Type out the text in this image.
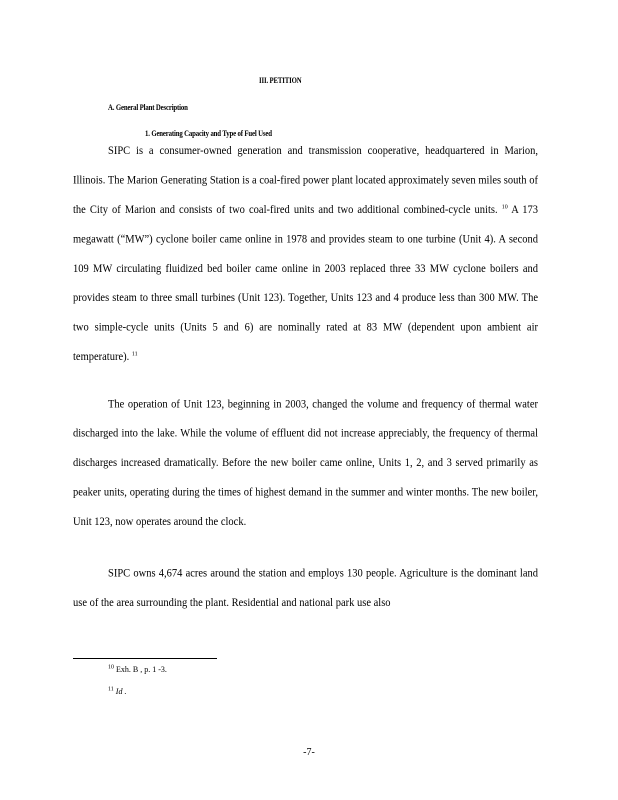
III. PETITION
A. General Plant Description
1. Generating Capacity and Type of Fuel Used

SIPC is a consumer-owned generation and transmission cooperative, headquartered in Marion, Illinois. The Marion Generating Station is a coal-fired power plant located approximately seven miles south of the City of Marion and consists of two coal-fired units and two additional combined-cycle units. $^{10}$ A 173 megawatt (“MW”) cyclone boiler came online in 1978 and provides steam to one turbine (Unit 4). A second 109 MW circulating fluidized bed boiler came online in 2003 replaced three 33 MW cyclone boilers and provides steam to three small turbines (Unit 123). Together, Units 123 and 4 produce less than 300 MW. The two simple-cycle units (Units 5 and 6) are nominally rated at 83 MW (dependent upon ambient air temperature). $^{11}$

The operation of Unit 123, beginning in 2003, changed the volume and frequency of thermal water discharged into the lake. While the volume of effluent did not increase appreciably, the frequency of thermal discharges increased dramatically. Before the new boiler came online, Units 1, 2, and 3 served primarily as peaker units, operating during the times of highest demand in the summer and winter months. The new boiler, Unit 123, now operates around the clock.

SIPC owns 4,674 acres around the station and employs 130 people. Agriculture is the dominant land use of the area surrounding the plant. Residential and national park use also

$^{10}$ Exh. B , p. 1 -3.
$^{11}$ Id .
-7-
